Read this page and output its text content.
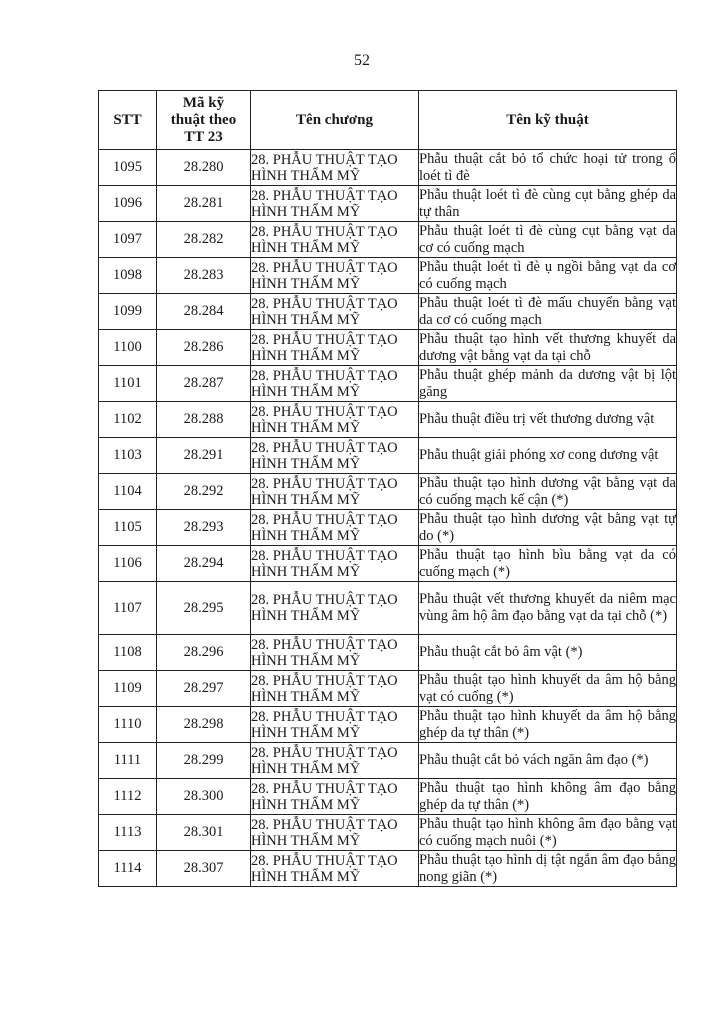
52
STT	Mã kỹ
thuật theo
TT 23	Tên chương	Tên kỹ thuật
1095	28.280	28. PHẪU THUẬT TẠO
HÌNH THẨM MỸ	Phẫu thuật cắt bỏ tổ chức hoại tử trong ổ loét tì đè
1096	28.281	28. PHẪU THUẬT TẠO
HÌNH THẨM MỸ	Phẫu thuật loét tì đè cùng cụt bằng ghép da tự thân
1097	28.282	28. PHẪU THUẬT TẠO
HÌNH THẨM MỸ	Phẫu thuật loét tì đè cùng cụt bằng vạt da cơ có cuống mạch
1098	28.283	28. PHẪU THUẬT TẠO
HÌNH THẨM MỸ	Phẫu thuật loét tì đè ụ ngồi bằng vạt da cơ có cuống mạch
1099	28.284	28. PHẪU THUẬT TẠO
HÌNH THẨM MỸ	Phẫu thuật loét tì đè mấu chuyển bằng vạt da cơ có cuống mạch
1100	28.286	28. PHẪU THUẬT TẠO
HÌNH THẨM MỸ	Phẫu thuật tạo hình vết thương khuyết da dương vật bằng vạt da tại chỗ
1101	28.287	28. PHẪU THUẬT TẠO
HÌNH THẨM MỸ	Phẫu thuật ghép mảnh da dương vật bị lột găng
1102	28.288	28. PHẪU THUẬT TẠO
HÌNH THẨM MỸ	Phẫu thuật điều trị vết thương dương vật
1103	28.291	28. PHẪU THUẬT TẠO
HÌNH THẨM MỸ	Phẫu thuật giải phóng xơ cong dương vật
1104	28.292	28. PHẪU THUẬT TẠO
HÌNH THẨM MỸ	Phẫu thuật tạo hình dương vật bằng vạt da có cuống mạch kế cận (*)
1105	28.293	28. PHẪU THUẬT TẠO
HÌNH THẨM MỸ	Phẫu thuật tạo hình dương vật bằng vạt tự do (*)
1106	28.294	28. PHẪU THUẬT TẠO
HÌNH THẨM MỸ	Phẫu thuật tạo hình bìu bằng vạt da có cuống mạch (*)
1107	28.295	28. PHẪU THUẬT TẠO
HÌNH THẨM MỸ	Phẫu thuật vết thương khuyết da niêm mạc vùng âm hộ âm đạo bằng vạt da tại chỗ (*)
1108	28.296	28. PHẪU THUẬT TẠO
HÌNH THẨM MỸ	Phẫu thuật cắt bỏ âm vật (*)
1109	28.297	28. PHẪU THUẬT TẠO
HÌNH THẨM MỸ	Phẫu thuật tạo hình khuyết da âm hộ bằng vạt có cuống (*)
1110	28.298	28. PHẪU THUẬT TẠO
HÌNH THẨM MỸ	Phẫu thuật tạo hình khuyết da âm hộ bằng ghép da tự thân (*)
1111	28.299	28. PHẪU THUẬT TẠO
HÌNH THẨM MỸ	Phẫu thuật cắt bỏ vách ngăn âm đạo (*)
1112	28.300	28. PHẪU THUẬT TẠO
HÌNH THẨM MỸ	Phẫu thuật tạo hình không âm đạo bằng ghép da tự thân (*)
1113	28.301	28. PHẪU THUẬT TẠO
HÌNH THẨM MỸ	Phẫu thuật tạo hình không âm đạo bằng vạt có cuống mạch nuôi (*)
1114	28.307	28. PHẪU THUẬT TẠO
HÌNH THẨM MỸ	Phẫu thuật tạo hình dị tật ngắn âm đạo bằng nong giãn (*)
